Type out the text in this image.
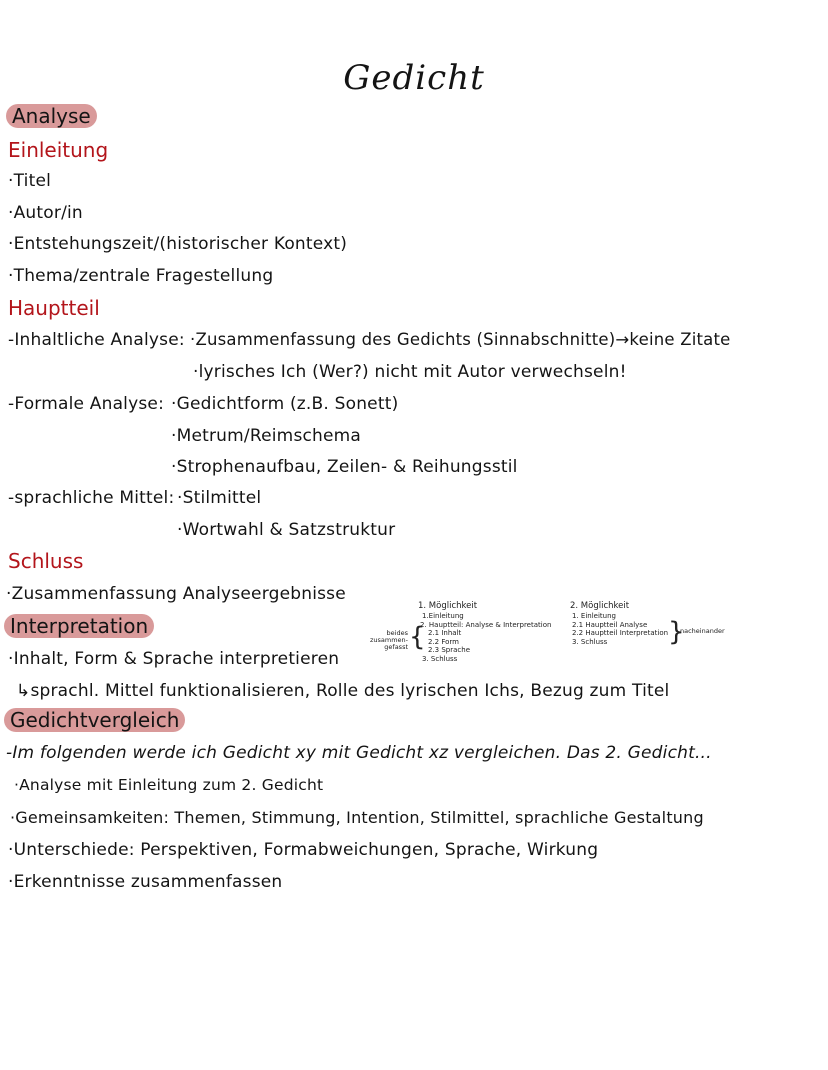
Gedicht
Analyse
Einleitung
·Titel
·Autor/in
·Entstehungszeit/(historischer Kontext)
·Thema/zentrale Fragestellung
Hauptteil
-Inhaltliche Analyse: ·Zusammenfassung des Gedichts (Sinnabschnitte)→keine Zitate
·lyrisches Ich (Wer?) nicht mit Autor verwechseln!
-Formale Analyse: ·Gedichtform (z.B. Sonett)
·Metrum/Reimschema
·Strophenaufbau, Zeilen- & Reihungsstil
-sprachliche Mittel: ·Stilmittel
·Wortwahl & Satzstruktur
Schluss
·Zusammenfassung Analyseergebnisse
Interpretation
·Inhalt, Form & Sprache interpretieren
↳sprachl. Mittel funktionalisieren, Rolle des lyrischen Ichs, Bezug zum Titel
1. Möglichkeit
1.Einleitung
2. Hauptteil: Analyse & Interpretation
2.1 Inhalt
2.2 Form
2.3 Sprache
3. Schluss
beides zusammen-gefasst {
2. Möglichkeit
1. Einleitung
2.1 Hauptteil Analyse
2.2 Hauptteil Interpretation
3. Schluss	}
nacheinander
Gedichtvergleich
-Im folgenden werde ich Gedicht xy mit Gedicht xz vergleichen. Das 2. Gedicht...
·Analyse mit Einleitung zum 2. Gedicht
·Gemeinsamkeiten: Themen, Stimmung, Intention, Stilmittel, sprachliche Gestaltung
·Unterschiede: Perspektiven, Formabweichungen, Sprache, Wirkung
·Erkenntnisse zusammenfassen
